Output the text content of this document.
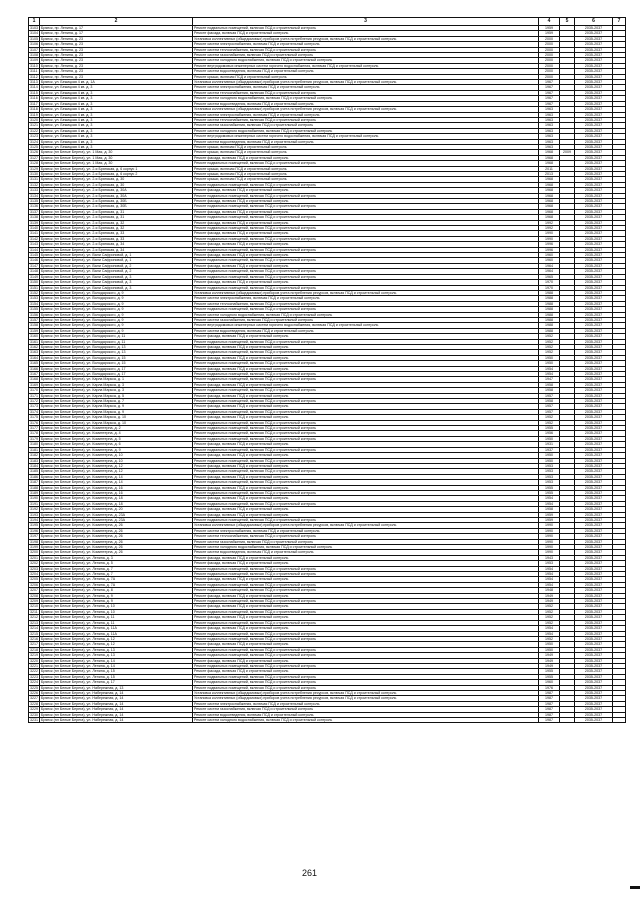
1	2	3	4	5	6	7
3103	Брянск, пр. Ленина, д. 17	Ремонт подвальных помещений, включая ПСД и строительный контроль	1959		2035-2037	
3104	Брянск, пр. Ленина, д. 17	Ремонт фасада, включая ПСД и строительный контроль	1959		2035-2037	
3105	Брянск, пр. Ленина, д. 23	Установка коллективных (общедомовых) приборов учета потребления ресурсов, включая ПСД и строительный контроль	2000		2035-2037	
3106	Брянск, пр. Ленина, д. 23	Ремонт систем электроснабжения, включая ПСД и строительный контроль	2000		2035-2037	
3107	Брянск, пр. Ленина, д. 23	Ремонт систем теплоснабжения, включая ПСД и строительный контроль	2000		2035-2037	
3108	Брянск, пр. Ленина, д. 23	Ремонт систем газоснабжения, включая ПСД и строительный контроль	2000		2035-2037	
3109	Брянск, пр. Ленина, д. 23	Ремонт систем холодного водоснабжения, включая ПСД и строительный контроль	2000		2035-2037	
3110	Брянск, пр. Ленина, д. 23	Ремонт внутридомовых инженерных систем горячего водоснабжения, включая ПСД и строительный контроль	2000		2035-2037	
3111	Брянск, пр. Ленина, д. 23	Ремонт систем водоотведения, включая ПСД и строительный контроль	2000		2035-2037	
3112	Брянск, пр. Ленина, д. 23	Ремонт крыши, включая ПСД и строительный контроль	2000		2035-2037	
3113	Брянск, ул. Бежицкая 4 кв. д. 1А	Установка коллективных (общедомовых) приборов учета потребления ресурсов, включая ПСД и строительный контроль	1967		2035-2037	
3114	Брянск, ул. Бежицкая 4 кв. д. 3	Ремонт систем электроснабжения, включая ПСД и строительный контроль	1967		2035-2037	
3115	Брянск, ул. Бежицкая 4 кв. д. 3	Ремонт систем теплоснабжения, включая ПСД и строительный контроль	1967		2035-2037	
3116	Брянск, ул. Бежицкая 4 кв. д. 3	Ремонт систем холодного водоснабжения, включая ПСД и строительный контроль	1967		2035-2037	
3117	Брянск, ул. Бежицкая 4 кв. д. 3	Ремонт систем водоотведения, включая ПСД и строительный контроль	1967		2035-2037	
3118	Брянск, ул. Бежицкая 4 кв. д. 3	Установка коллективных (общедомовых) приборов учета потребления ресурсов, включая ПСД и строительный контроль	1963		2035-2037	
3119	Брянск, ул. Бежицкая 4 кв. д. 3	Ремонт систем электроснабжения, включая ПСД и строительный контроль	1963		2035-2037	
3120	Брянск, ул. Бежицкая 4 кв. д. 3	Ремонт систем теплоснабжения, включая ПСД и строительный контроль	1963		2035-2037	
3121	Брянск, ул. Бежицкая 4 кв. д. 3	Ремонт систем газоснабжения, включая ПСД и строительный контроль	1963		2035-2037	
3122	Брянск, ул. Бежицкая 4 кв. д. 3	Ремонт систем холодного водоснабжения, включая ПСД и строительный контроль	1963		2035-2037	
3123	Брянск, ул. Бежицкая 4 кв. д. 3	Ремонт внутридомовых инженерных систем горячего водоснабжения, включая ПСД и строительный контроль	1963		2035-2037	
3124	Брянск, ул. Бежицкая 4 кв. д. 3	Ремонт систем водоотведения, включая ПСД и строительный контроль	1963		2035-2037	
3125	Брянск, ул. Бежицкая 4 кв. д. 3	Ремонт крыши, включая ПСД и строительный контроль	1963		2035-2037	
3126	Брянск (пл Белые Берега), ул. 1 Мая, д. 30	Ремонт крыши, включая ПСД и строительный контроль	1968	2009	2035-2037	
3127	Брянск (пл Белые Берега), ул. 1 Мая, д. 30	Ремонт фасада, включая ПСД и строительный контроль	1968		2035-2037	
3128	Брянск (пл Белые Берега), ул. 1 Мая, д. 30	Ремонт подвальных помещений, включая ПСД и строительный контроль	1968		2035-2037	
3129	Брянск (пл Белые Берега), ул. 2-я Брянская, д. 6 корпус 1	Ремонт крыши, включая ПСД и строительный контроль	2011		2035-2037	
3130	Брянск (пл Белые Берега), ул. 2-я Брянская, д. 6 корпус 2	Ремонт крыши, включая ПСД и строительный контроль	2013		2035-2037	
3131	Брянск (пл Белые Берега), ул. 2-я Брянская, д. 30	Ремонт крыши, включая ПСД и строительный контроль	1968		2035-2037	
3132	Брянск (пл Белые Берега), ул. 2-я Брянская, д. 30	Ремонт подвальных помещений, включая ПСД и строительный контроль	1968		2035-2037	
3133	Брянск (пл Белые Берега), ул. 2-я Брянская, д. 30А	Ремонт фасада, включая ПСД и строительный контроль	1968		2035-2037	
3134	Брянск (пл Белые Берега), ул. 2-я Брянская, д. 30А	Ремонт подвальных помещений, включая ПСД и строительный контроль	1968		2035-2037	
3135	Брянск (пл Белые Берега), ул. 2-я Брянская, д. 30Б	Ремонт фасада, включая ПСД и строительный контроль	1968		2035-2037	
3136	Брянск (пл Белые Берега), ул. 2-я Брянская, д. 30Б	Ремонт подвальных помещений, включая ПСД и строительный контроль	1968		2035-2037	
3137	Брянск (пл Белые Берега), ул. 2-я Брянская, д. 31	Ремонт фасада, включая ПСД и строительный контроль	1968		2035-2037	
3138	Брянск (пл Белые Берега), ул. 2-я Брянская, д. 31	Ремонт подвальных помещений, включая ПСД и строительный контроль	1968		2035-2037	
3139	Брянск (пл Белые Берега), ул. 2-я Брянская, д. 32	Ремонт фасада, включая ПСД и строительный контроль	1992		2035-2037	
3140	Брянск (пл Белые Берега), ул. 2-я Брянская, д. 32	Ремонт подвальных помещений, включая ПСД и строительный контроль	1992		2035-2037	
3141	Брянск (пл Белые Берега), ул. 2-я Брянская, д. 33	Ремонт фасада, включая ПСД и строительный контроль	1990		2035-2037	
3142	Брянск (пл Белые Берега), ул. 2-я Брянская, д. 33	Ремонт подвальных помещений, включая ПСД и строительный контроль	1990		2035-2037	
3143	Брянск (пл Белые Берега), ул. 2-я Брянская, д. 34	Ремонт фасада, включая ПСД и строительный контроль	1996		2035-2037	
3144	Брянск (пл Белые Берега), ул. 2-я Брянская, д. 34	Ремонт подвальных помещений, включая ПСД и строительный контроль	1996		2035-2037	
3145	Брянск (пл Белые Берега), ул. Вали Сафроновой, д. 1	Ремонт фасада, включая ПСД и строительный контроль	1960		2035-2037	
3146	Брянск (пл Белые Берега), ул. Вали Сафроновой, д. 1	Ремонт подвальных помещений, включая ПСД и строительный контроль	1960		2035-2037	
3147	Брянск (пл Белые Берега), ул. Вали Сафроновой, д. 2	Ремонт фасада, включая ПСД и строительный контроль	1964		2035-2037	
3148	Брянск (пл Белые Берега), ул. Вали Сафроновой, д. 2	Ремонт подвальных помещений, включая ПСД и строительный контроль	1964		2035-2037	
3149	Брянск (пл Белые Берега), ул. Вали Сафроновой, д. 3	Ремонт подвальных помещений, включая ПСД и строительный контроль	1965		2035-2037	
3150	Брянск (пл Белые Берега), ул. Вали Сафроновой, д. 3	Ремонт фасада, включая ПСД и строительный контроль	1970		2035-2037	
3151	Брянск (пл Белые Берега), ул. Вали Сафроновой, д. 3	Ремонт подвальных помещений, включая ПСД и строительный контроль	1970		2035-2037	
3152	Брянск (пл Белые Берега), ул. Володарского, д. 9	Установка коллективных (общедомовых) приборов учета потребления ресурсов, включая ПСД и строительный контроль	1988		2035-2037	
3153	Брянск (пл Белые Берега), ул. Володарского, д. 9	Ремонт систем электроснабжения, включая ПСД и строительный контроль	1988		2035-2037	
3154	Брянск (пл Белые Берега), ул. Володарского, д. 9	Ремонт систем теплоснабжения, включая ПСД и строительный контроль	1988		2035-2037	
3155	Брянск (пл Белые Берега), ул. Володарского, д. 9	Ремонт подвальных помещений, включая ПСД и строительный контроль	1988		2035-2037	
3156	Брянск (пл Белые Берега), ул. Володарского, д. 9	Ремонт систем холодного водоснабжения, включая ПСД и строительный контроль	1988		2035-2037	
3157	Брянск (пл Белые Берега), ул. Володарского, д. 9	Ремонт систем газоснабжения, включая ПСД и строительный контроль	1988		2035-2037	
3158	Брянск (пл Белые Берега), ул. Володарского, д. 9	Ремонт внутридомовых инженерных систем горячего водоснабжения, включая ПСД и строительный контроль	1988		2035-2037	
3159	Брянск (пл Белые Берега), ул. Володарского, д. 9	Ремонт систем водоотведения, включая ПСД и строительный контроль	1988		2035-2037	
3160	Брянск (пл Белые Берега), ул. Володарского, д. 11	Ремонт фасада, включая ПСД и строительный контроль	1952		2035-2037	
3161	Брянск (пл Белые Берега), ул. Володарского, д. 11	Ремонт подвальных помещений, включая ПСД и строительный контроль	1952		2035-2037	
3162	Брянск (пл Белые Берега), ул. Володарского, д. 13	Ремонт фасада, включая ПСД и строительный контроль	1952		2035-2037	
3163	Брянск (пл Белые Берега), ул. Володарского, д. 13	Ремонт подвальных помещений, включая ПСД и строительный контроль	1952		2035-2037	
3164	Брянск (пл Белые Берега), ул. Володарского, д. 15	Ремонт фасада, включая ПСД и строительный контроль	1950		2035-2037	
3165	Брянск (пл Белые Берега), ул. Володарского, д. 15	Ремонт подвальных помещений, включая ПСД и строительный контроль	1950		2035-2037	
3166	Брянск (пл Белые Берега), ул. Володарского, д. 17	Ремонт фасада, включая ПСД и строительный контроль	1954		2035-2037	
3167	Брянск (пл Белые Берега), ул. Володарского, д. 17	Ремонт подвальных помещений, включая ПСД и строительный контроль	1954		2035-2037	
3168	Брянск (пл Белые Берега), ул. Карла Маркса, д. 1	Ремонт подвальных помещений, включая ПСД и строительный контроль	1947		2035-2037	
3169	Брянск (пл Белые Берега), ул. Карла Маркса, д. 3	Ремонт фасада, включая ПСД и строительный контроль	1958		2035-2037	
3170	Брянск (пл Белые Берега), ул. Карла Маркса, д. 3	Ремонт подвальных помещений, включая ПСД и строительный контроль	1958		2035-2037	
3171	Брянск (пл Белые Берега), ул. Карла Маркса, д. 5	Ремонт фасада, включая ПСД и строительный контроль	1957		2035-2037	
3172	Брянск (пл Белые Берега), ул. Карла Маркса, д. 7	Ремонт подвальных помещений, включая ПСД и строительный контроль	1958		2035-2037	
3173	Брянск (пл Белые Берега), ул. Карла Маркса, д. 9	Ремонт фасада, включая ПСД и строительный контроль	1957		2035-2037	
3174	Брянск (пл Белые Берега), ул. Карла Маркса, д. 9	Ремонт подвальных помещений, включая ПСД и строительный контроль	1957		2035-2037	
3175	Брянск (пл Белые Берега), ул. Карла Маркса, д. 10	Ремонт фасада, включая ПСД и строительный контроль	1952		2035-2037	
3176	Брянск (пл Белые Берега), ул. Карла Маркса, д. 10	Ремонт подвальных помещений, включая ПСД и строительный контроль	1952		2035-2037	
3177	Брянск (пл Белые Берега), ул. Коминтерна, д. 2	Ремонт подвальных помещений, включая ПСД и строительный контроль	1955		2035-2037	
3178	Брянск (пл Белые Берега), ул. Коминтерна, д. 4	Ремонт подвальных помещений, включая ПСД и строительный контроль	1956		2035-2037	
3179	Брянск (пл Белые Берега), ул. Коминтерна, д. 5	Ремонт подвальных помещений, включая ПСД и строительный контроль	1950		2035-2037	
3180	Брянск (пл Белые Берега), ул. Коминтерна, д. 6	Ремонт фасада, включая ПСД и строительный контроль	1931		2035-2037	
3181	Брянск (пл Белые Берега), ул. Коминтерна, д. 9	Ремонт подвальных помещений, включая ПСД и строительный контроль	1937		2035-2037	
3182	Брянск (пл Белые Берега), ул. Коминтерна, д. 10	Ремонт фасада, включая ПСД и строительный контроль	1950		2035-2037	
3183	Брянск (пл Белые Берега), ул. Коминтерна, д. 10	Ремонт подвальных помещений, включая ПСД и строительный контроль	1950		2035-2037	
3184	Брянск (пл Белые Берега), ул. Коминтерна, д. 12	Ремонт фасада, включая ПСД и строительный контроль	1953		2035-2037	
3185	Брянск (пл Белые Берега), ул. Коминтерна, д. 12	Ремонт подвальных помещений, включая ПСД и строительный контроль	1953		2035-2037	
3186	Брянск (пл Белые Берега), ул. Коминтерна, д. 14	Ремонт фасада, включая ПСД и строительный контроль	1953		2035-2037	
3187	Брянск (пл Белые Берега), ул. Коминтерна, д. 14	Ремонт подвальных помещений, включая ПСД и строительный контроль	1953		2035-2037	
3188	Брянск (пл Белые Берега), ул. Коминтерна, д. 16	Ремонт фасада, включая ПСД и строительный контроль	1955		2035-2037	
3189	Брянск (пл Белые Берега), ул. Коминтерна, д. 16	Ремонт подвальных помещений, включая ПСД и строительный контроль	1955		2035-2037	
3190	Брянск (пл Белые Берега), ул. Коминтерна, д. 18	Ремонт фасада, включая ПСД и строительный контроль	1954		2035-2037	
3191	Брянск (пл Белые Берега), ул. Коминтерна, д. 18	Ремонт подвальных помещений, включая ПСД и строительный контроль	1954		2035-2037	
3192	Брянск (пл Белые Берега), ул. Коминтерна, д. 20	Ремонт фасада, включая ПСД и строительный контроль	1958		2035-2037	
3193	Брянск (пл Белые Берега), ул. Коминтерна, д. 23А	Ремонт фасада, включая ПСД и строительный контроль	1959		2035-2037	
3194	Брянск (пл Белые Берега), ул. Коминтерна, д. 23А	Ремонт подвальных помещений, включая ПСД и строительный контроль	1959		2035-2037	
3195	Брянск (пл Белые Берега), ул. Коминтерна, д. 26	Установка коллективных (общедомовых) приборов учета потребления ресурсов, включая ПСД и строительный контроль	1990		2035-2037	
3196	Брянск (пл Белые Берега), ул. Коминтерна, д. 26	Ремонт систем электроснабжения, включая ПСД и строительный контроль	1990		2035-2037	
3197	Брянск (пл Белые Берега), ул. Коминтерна, д. 26	Ремонт систем теплоснабжения, включая ПСД и строительный контроль	1990		2035-2037	
3198	Брянск (пл Белые Берега), ул. Коминтерна, д. 26	Ремонт систем газоснабжения, включая ПСД и строительный контроль	1990		2035-2037	
3199	Брянск (пл Белые Берега), ул. Коминтерна, д. 26	Ремонт систем холодного водоснабжения, включая ПСД и строительный контроль	1990		2035-2037	
3200	Брянск (пл Белые Берега), ул. Коминтерна, д. 26	Ремонт систем водоотведения, включая ПСД и строительный контроль	1990		2035-2037	
3201	Брянск (пл Белые Берега), ул. Ленина, д. 3	Ремонт фасада, включая ПСД и строительный контроль	1943		2035-2037	
3202	Брянск (пл Белые Берега), ул. Ленина, д. 5	Ремонт фасада, включая ПСД и строительный контроль	1953		2035-2037	
3203	Брянск (пл Белые Берега), ул. Ленина, д. 7	Ремонт подвальных помещений, включая ПСД и строительный контроль	1954		2035-2037	
3204	Брянск (пл Белые Берега), ул. Ленина, д. 7	Ремонт подвальных помещений, включая ПСД и строительный контроль	1954		2035-2037	
3205	Брянск (пл Белые Берега), ул. Ленина, д. 7А	Ремонт фасада, включая ПСД и строительный контроль	1954		2035-2037	
3206	Брянск (пл Белые Берега), ул. Ленина, д. 7А	Ремонт подвальных помещений, включая ПСД и строительный контроль	1954		2035-2037	
3207	Брянск (пл Белые Берега), ул. Ленина, д. 8	Ремонт подвальных помещений, включая ПСД и строительный контроль	1948		2035-2037	
3208	Брянск (пл Белые Берега), ул. Ленина, д. 9	Ремонт фасада, включая ПСД и строительный контроль	1949		2035-2037	
3209	Брянск (пл Белые Берега), ул. Ленина, д. 9	Ремонт подвальных помещений, включая ПСД и строительный контроль	1949		2035-2037	
3210	Брянск (пл Белые Берега), ул. Ленина, д. 10	Ремонт фасада, включая ПСД и строительный контроль	1952		2035-2037	
3211	Брянск (пл Белые Берега), ул. Ленина, д. 10	Ремонт подвальных помещений, включая ПСД и строительный контроль	1952		2035-2037	
3212	Брянск (пл Белые Берега), ул. Ленина, д. 11	Ремонт фасада, включая ПСД и строительный контроль	1952		2035-2037	
3213	Брянск (пл Белые Берега), ул. Ленина, д. 11	Ремонт подвальных помещений, включая ПСД и строительный контроль	1952		2035-2037	
3214	Брянск (пл Белые Берега), ул. Ленина, д. 11А	Ремонт фасада, включая ПСД и строительный контроль	1954		2035-2037	
3215	Брянск (пл Белые Берега), ул. Ленина, д. 11А	Ремонт подвальных помещений, включая ПСД и строительный контроль	1954		2035-2037	
3216	Брянск (пл Белые Берега), ул. Ленина, д. 12	Ремонт подвальных помещений, включая ПСД и строительный контроль	1952		2035-2037	
3217	Брянск (пл Белые Берега), ул. Ленина, д. 12	Ремонт фасада, включая ПСД и строительный контроль	1950		2035-2037	
3218	Брянск (пл Белые Берега), ул. Ленина, д. 13	Ремонт подвальных помещений, включая ПСД и строительный контроль	1950		2035-2037	
3219	Брянск (пл Белые Берега), ул. Ленина, д. 13	Ремонт подвальных помещений, включая ПСД и строительный контроль	1949		2035-2037	
3220	Брянск (пл Белые Берега), ул. Ленина, д. 14	Ремонт фасада, включая ПСД и строительный контроль	1949		2035-2037	
3221	Брянск (пл Белые Берега), ул. Ленина, д. 14	Ремонт подвальных помещений, включая ПСД и строительный контроль	1949		2035-2037	
3222	Брянск (пл Белые Берега), ул. Ленина, д. 15	Ремонт фасада, включая ПСД и строительный контроль	1955		2035-2037	
3223	Брянск (пл Белые Берега), ул. Ленина, д. 15	Ремонт подвальных помещений, включая ПСД и строительный контроль	1955		2035-2037	
3224	Брянск (пл Белые Берега), ул. Ленина, д. 17	Ремонт подвальных помещений, включая ПСД и строительный контроль	1960		2035-2037	
3225	Брянск (пл Белые Берега), ул. Набережная, д. 13	Ремонт подвальных помещений, включая ПСД и строительный контроль	1976		2035-2037	
3226	Брянск (пл Белые Берега), ул. Набережная, д. 14	Установка коллективных (общедомовых) приборов учета потребления ресурсов, включая ПСД и строительный контроль	1987		2035-2037	
3227	Брянск (пл Белые Берега), ул. Набережная, д. 14	Установка коллективных (общедомовых) приборов учета потребления ресурсов, включая ПСД и строительный контроль	1987		2035-2037	
3228	Брянск (пл Белые Берега), ул. Набережная, д. 14	Ремонт систем электроснабжения, включая ПСД и строительный контроль	1987		2035-2037	
3229	Брянск (пл Белые Берега), ул. Набережная, д. 14	Ремонт систем газоснабжения, включая ПСД и строительный контроль	1987		2035-2037	
3230	Брянск (пл Белые Берега), ул. Набережная, д. 14	Ремонт систем водоотведения, включая ПСД и строительный контроль	1987		2035-2037	
3231	Брянск (пл Белые Берега), ул. Набережная, д. 14	Ремонт систем холодного водоснабжения, включая ПСД и строительный контроль	1987		2035-2037	
261
